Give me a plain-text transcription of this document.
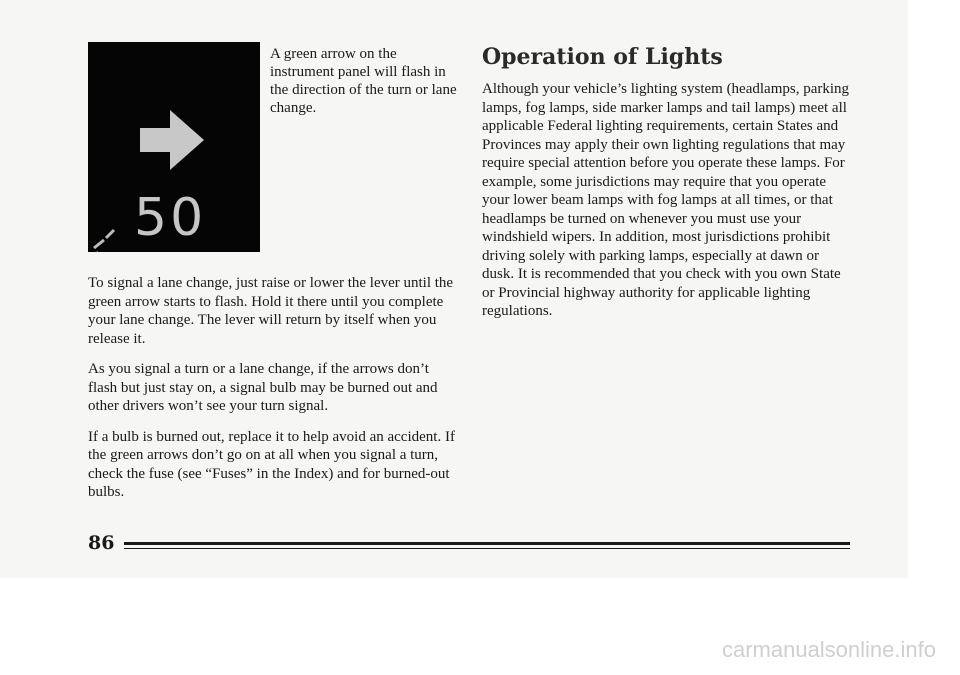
50

A green arrow on the instrument panel will flash in the direction of the turn or lane change.

To signal a lane change, just raise or lower the lever until the green arrow starts to flash. Hold it there until you complete your lane change. The lever will return by itself when you release it.

As you signal a turn or a lane change, if the arrows don’t flash but just stay on, a signal bulb may be burned out and other drivers won’t see your turn signal.

If a bulb is burned out, replace it to help avoid an accident. If the green arrows don’t go on at all when you signal a turn, check the fuse (see “Fuses” in the Index) and for burned-out bulbs.

Operation of Lights

Although your vehicle’s lighting system (headlamps, parking lamps, fog lamps, side marker lamps and tail lamps) meet all applicable Federal lighting requirements, certain States and Provinces may apply their own lighting regulations that may require special attention before you operate these lamps. For example, some jurisdictions may require that you operate your lower beam lamps with fog lamps at all times, or that headlamps be turned on whenever you must use your windshield wipers. In addition, most jurisdictions prohibit driving solely with parking lamps, especially at dawn or dusk. It is recommended that you check with you own State or Provincial highway authority for applicable lighting regulations.

86

carmanualsonline.info
